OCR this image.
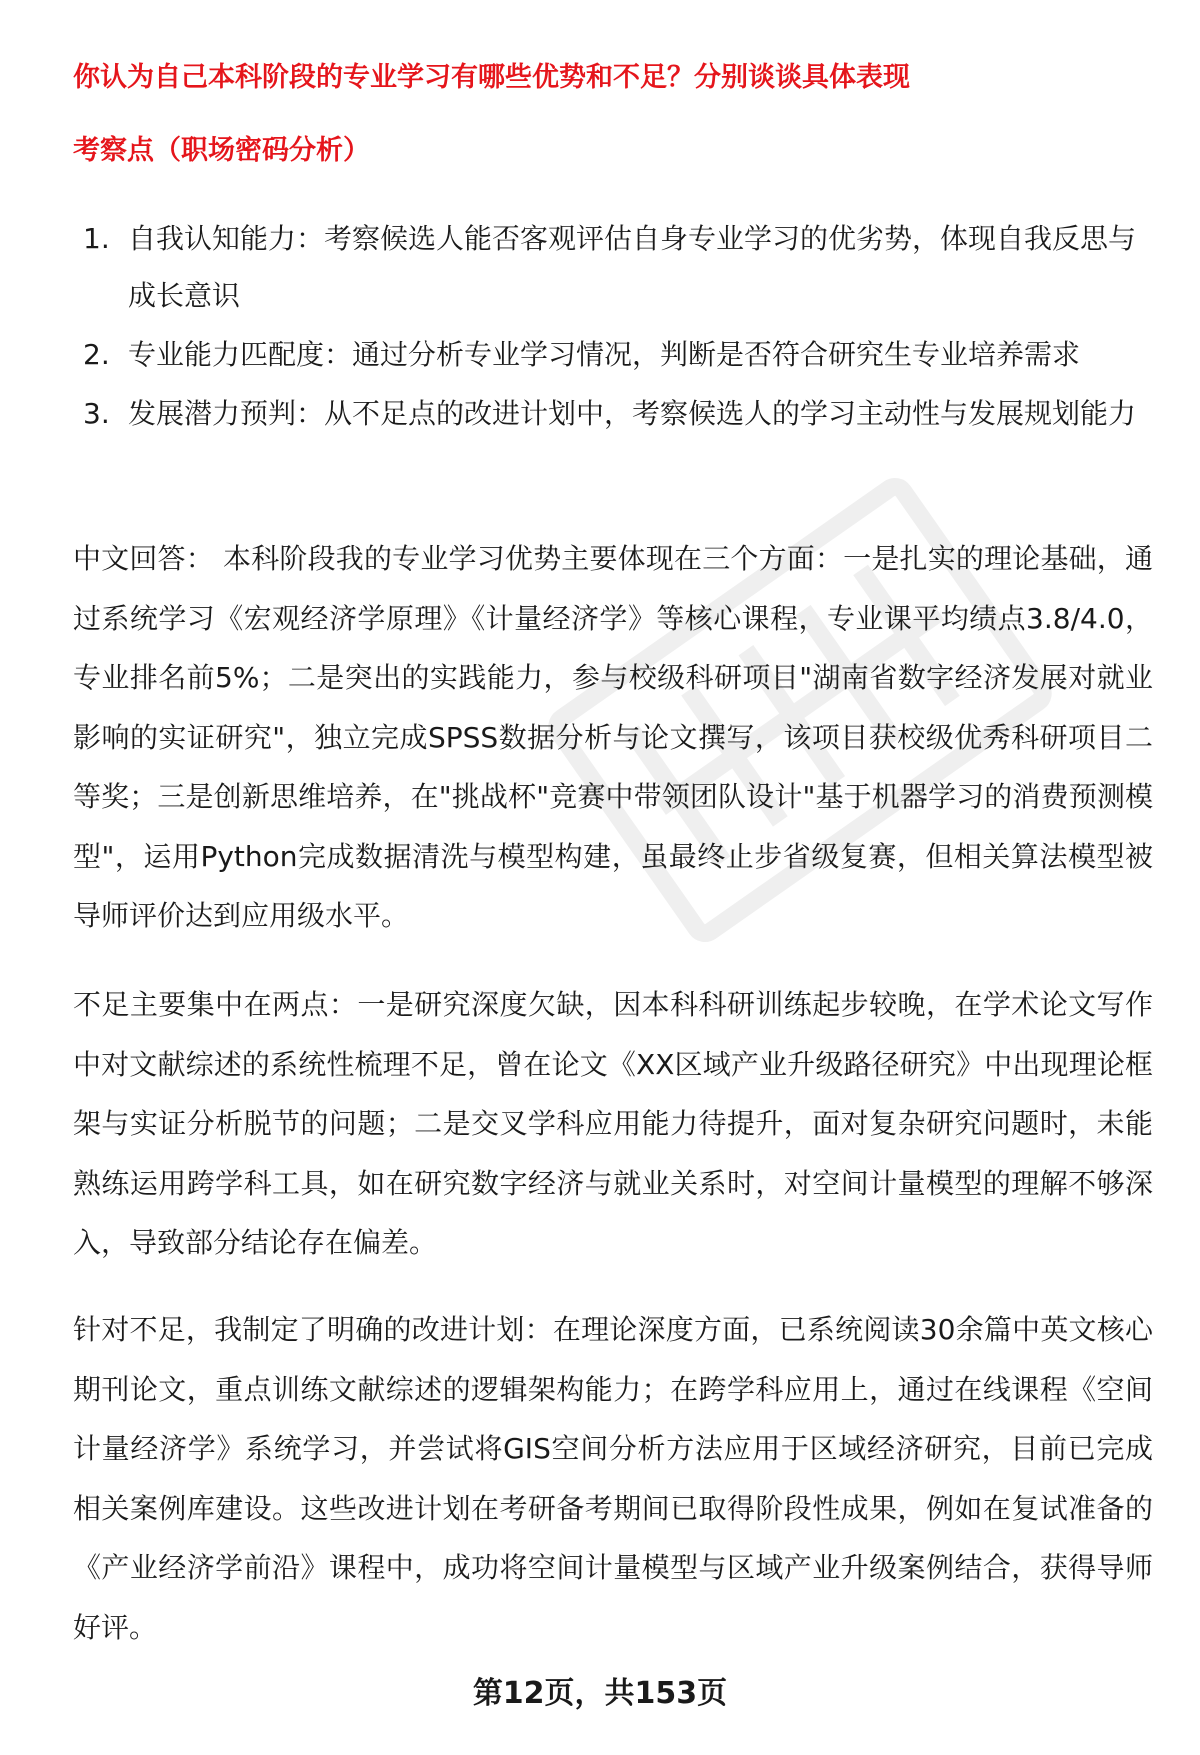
你认为自己本科阶段的专业学习有哪些优势和不足？分别谈谈具体表现
考察点（职场密码分析）
1. 自我认知能力：考察候选人能否客观评估自身专业学习的优劣势，体现自我反思与成长意识
2. 专业能力匹配度：通过分析专业学习情况，判断是否符合研究生专业培养需求
3. 发展潜力预判：从不足点的改进计划中，考察候选人的学习主动性与发展规划能力

中文回答： 本科阶段我的专业学习优势主要体现在三个方面：一是扎实的理论基础，通过系统学习《宏观经济学原理》《计量经济学》等核心课程，专业课平均绩点3.8/4.0，专业排名前5%；二是突出的实践能力，参与校级科研项目"湖南省数字经济发展对就业影响的实证研究"，独立完成SPSS数据分析与论文撰写，该项目获校级优秀科研项目二等奖；三是创新思维培养，在"挑战杯"竞赛中带领团队设计"基于机器学习的消费预测模型"，运用Python完成数据清洗与模型构建，虽最终止步省级复赛，但相关算法模型被导师评价达到应用级水平。

不足主要集中在两点：一是研究深度欠缺，因本科科研训练起步较晚，在学术论文写作中对文献综述的系统性梳理不足，曾在论文《XX区域产业升级路径研究》中出现理论框架与实证分析脱节的问题；二是交叉学科应用能力待提升，面对复杂研究问题时，未能熟练运用跨学科工具，如在研究数字经济与就业关系时，对空间计量模型的理解不够深入，导致部分结论存在偏差。

针对不足，我制定了明确的改进计划：在理论深度方面，已系统阅读30余篇中英文核心期刊论文，重点训练文献综述的逻辑架构能力；在跨学科应用上，通过在线课程《空间计量经济学》系统学习，并尝试将GIS空间分析方法应用于区域经济研究，目前已完成相关案例库建设。这些改进计划在考研备考期间已取得阶段性成果，例如在复试准备的《产业经济学前沿》课程中，成功将空间计量模型与区域产业升级案例结合，获得导师好评。

第12页，共153页
